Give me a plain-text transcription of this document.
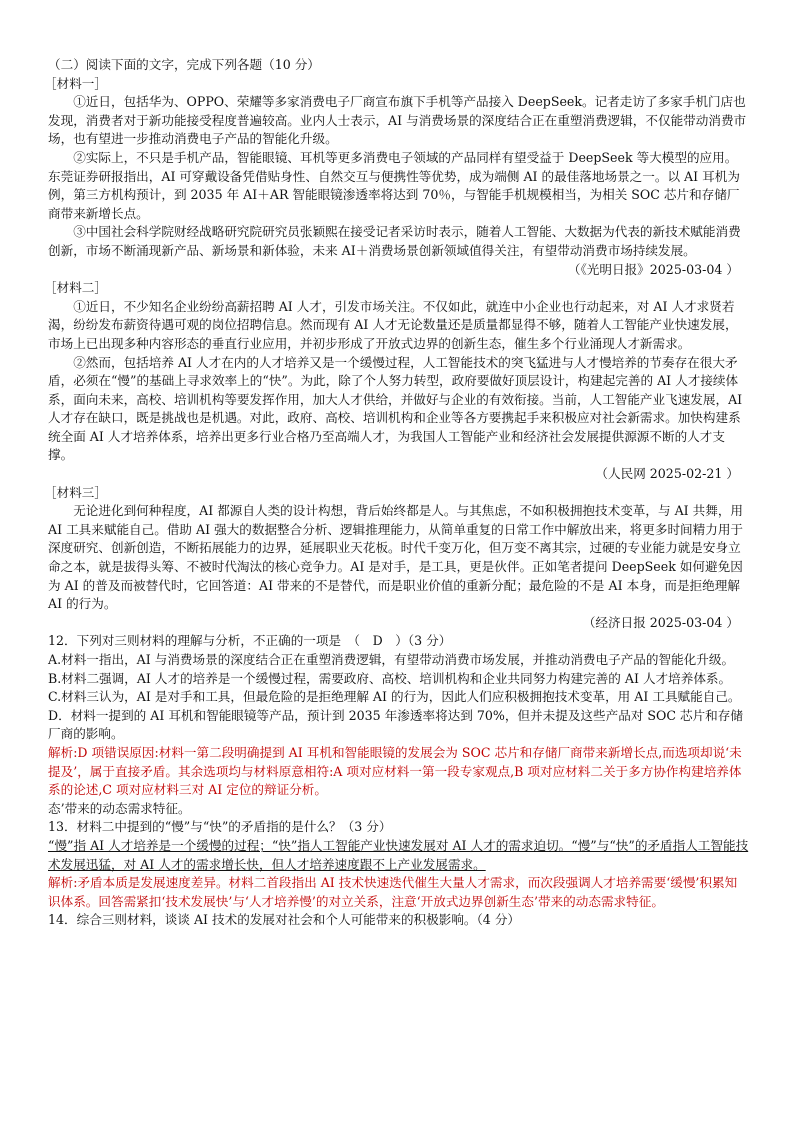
（二）阅读下面的文字，完成下列各题（10 分）

［材料一］

①近日，包括华为、OPPO、荣耀等多家消费电子厂商宣布旗下手机等产品接入 DeepSeek。记者走访了多家手机门店也发现，消费者对于新功能接受程度普遍较高。业内人士表示，AI 与消费场景的深度结合正在重塑消费逻辑，不仅能带动消费市场，也有望进一步推动消费电子产品的智能化升级。

②实际上，不只是手机产品，智能眼镜、耳机等更多消费电子领域的产品同样有望受益于 DeepSeek 等大模型的应用。东莞证券研报指出，AI 可穿戴设备凭借贴身性、自然交互与便携性等优势，成为端侧 AI 的最佳落地场景之一。以 AI 耳机为例，第三方机构预计，到 2035 年 AI＋AR 智能眼镜渗透率将达到 70％，与智能手机规模相当，为相关 SOC 芯片和存储厂商带来新增长点。

③中国社会科学院财经战略研究院研究员张颖熙在接受记者采访时表示，随着人工智能、大数据为代表的新技术赋能消费创新，市场不断涌现新产品、新场景和新体验，未来 AI＋消费场景创新领域值得关注，有望带动消费市场持续发展。

（《光明日报》2025-03-04 ）

［材料二］

①近日，不少知名企业纷纷高薪招聘 AI 人才，引发市场关注。不仅如此，就连中小企业也行动起来，对 AI 人才求贤若渴，纷纷发布薪资待遇可观的岗位招聘信息。然而现有 AI 人才无论数量还是质量都显得不够，随着人工智能产业快速发展，市场上已出现多种内容形态的垂直行业应用，并初步形成了开放式边界的创新生态，催生多个行业涌现人才新需求。

②然而，包括培养 AI 人才在内的人才培养又是一个缓慢过程，人工智能技术的突飞猛进与人才慢培养的节奏存在很大矛盾，必须在“慢”的基础上寻求效率上的“快”。为此，除了个人努力转型，政府要做好顶层设计，构建起完善的 AI 人才接续体系，面向未来，高校、培训机构等要发挥作用，加大人才供给，并做好与企业的有效衔接。当前，人工智能产业飞速发展，AI 人才存在缺口，既是挑战也是机遇。对此，政府、高校、培训机构和企业等各方要携起手来积极应对社会新需求。加快构建系统全面 AI 人才培养体系，培养出更多行业合格乃至高端人才，为我国人工智能产业和经济社会发展提供源源不断的人才支撑。

（人民网 2025-02-21 ）

［材料三］

无论进化到何种程度，AI 都源自人类的设计构想，背后始终都是人。与其焦虑，不如积极拥抱技术变革，与 AI 共舞，用 AI 工具来赋能自己。借助 AI 强大的数据整合分析、逻辑推理能力，从简单重复的日常工作中解放出来，将更多时间精力用于深度研究、创新创造，不断拓展能力的边界，延展职业天花板。时代千变万化，但万变不离其宗，过硬的专业能力就是安身立命之本，就是拔得头筹、不被时代淘汰的核心竞争力。AI 是对手，是工具，更是伙伴。正如笔者提问 DeepSeek 如何避免因为 AI 的普及而被替代时，它回答道：AI 带来的不是替代，而是职业价值的重新分配；最危险的不是 AI 本身，而是拒绝理解 AI 的行为。

（经济日报 2025-03-04 ）

12．下列对三则材料的理解与分析，不正确的一项是　（　D　）（3 分）

A.材料一指出，AI 与消费场景的深度结合正在重塑消费逻辑，有望带动消费市场发展，并推动消费电子产品的智能化升级。

B.材料二强调，AI 人才的培养是一个缓慢过程，需要政府、高校、培训机构和企业共同努力构建完善的 AI 人才培养体系。

C.材料三认为，AI 是对手和工具，但最危险的是拒绝理解 AI 的行为，因此人们应积极拥抱技术变革，用 AI 工具赋能自己。

D．材料一提到的 AI 耳机和智能眼镜等产品，预计到 2035 年渗透率将达到 70%，但并未提及这些产品对 SOC 芯片和存储厂商的影响。

解析:D 项错误原因:材料一第二段明确提到 AI 耳机和智能眼镜的发展会为 SOC 芯片和存储厂商带来新增长点,而选项却说‘未提及’，属于直接矛盾。其余选项均与材料原意相符:A 项对应材料一第一段专家观点,B 项对应材料二关于多方协作构建培养体系的论述,C 项对应材料三对 AI 定位的辩证分析。

态’带来的动态需求特征。

13．材料二中提到的“慢”与“快”的矛盾指的是什么？（3 分）

“慢”指 AI 人才培养是一个缓慢的过程；“快”指人工智能产业快速发展对 AI 人才的需求迫切。“慢”与“快”的矛盾指人工智能技术发展迅猛，对 AI 人才的需求增长快，但人才培养速度跟不上产业发展需求。

解析:矛盾本质是发展速度差异。材料二首段指出 AI 技术快速迭代催生大量人才需求，而次段强调人才培养需要‘缓慢’积累知识体系。回答需紧扣‘技术发展快’与‘人才培养慢’的对立关系，注意‘开放式边界创新生态’带来的动态需求特征。

14．综合三则材料，谈谈 AI 技术的发展对社会和个人可能带来的积极影响。（4 分）
